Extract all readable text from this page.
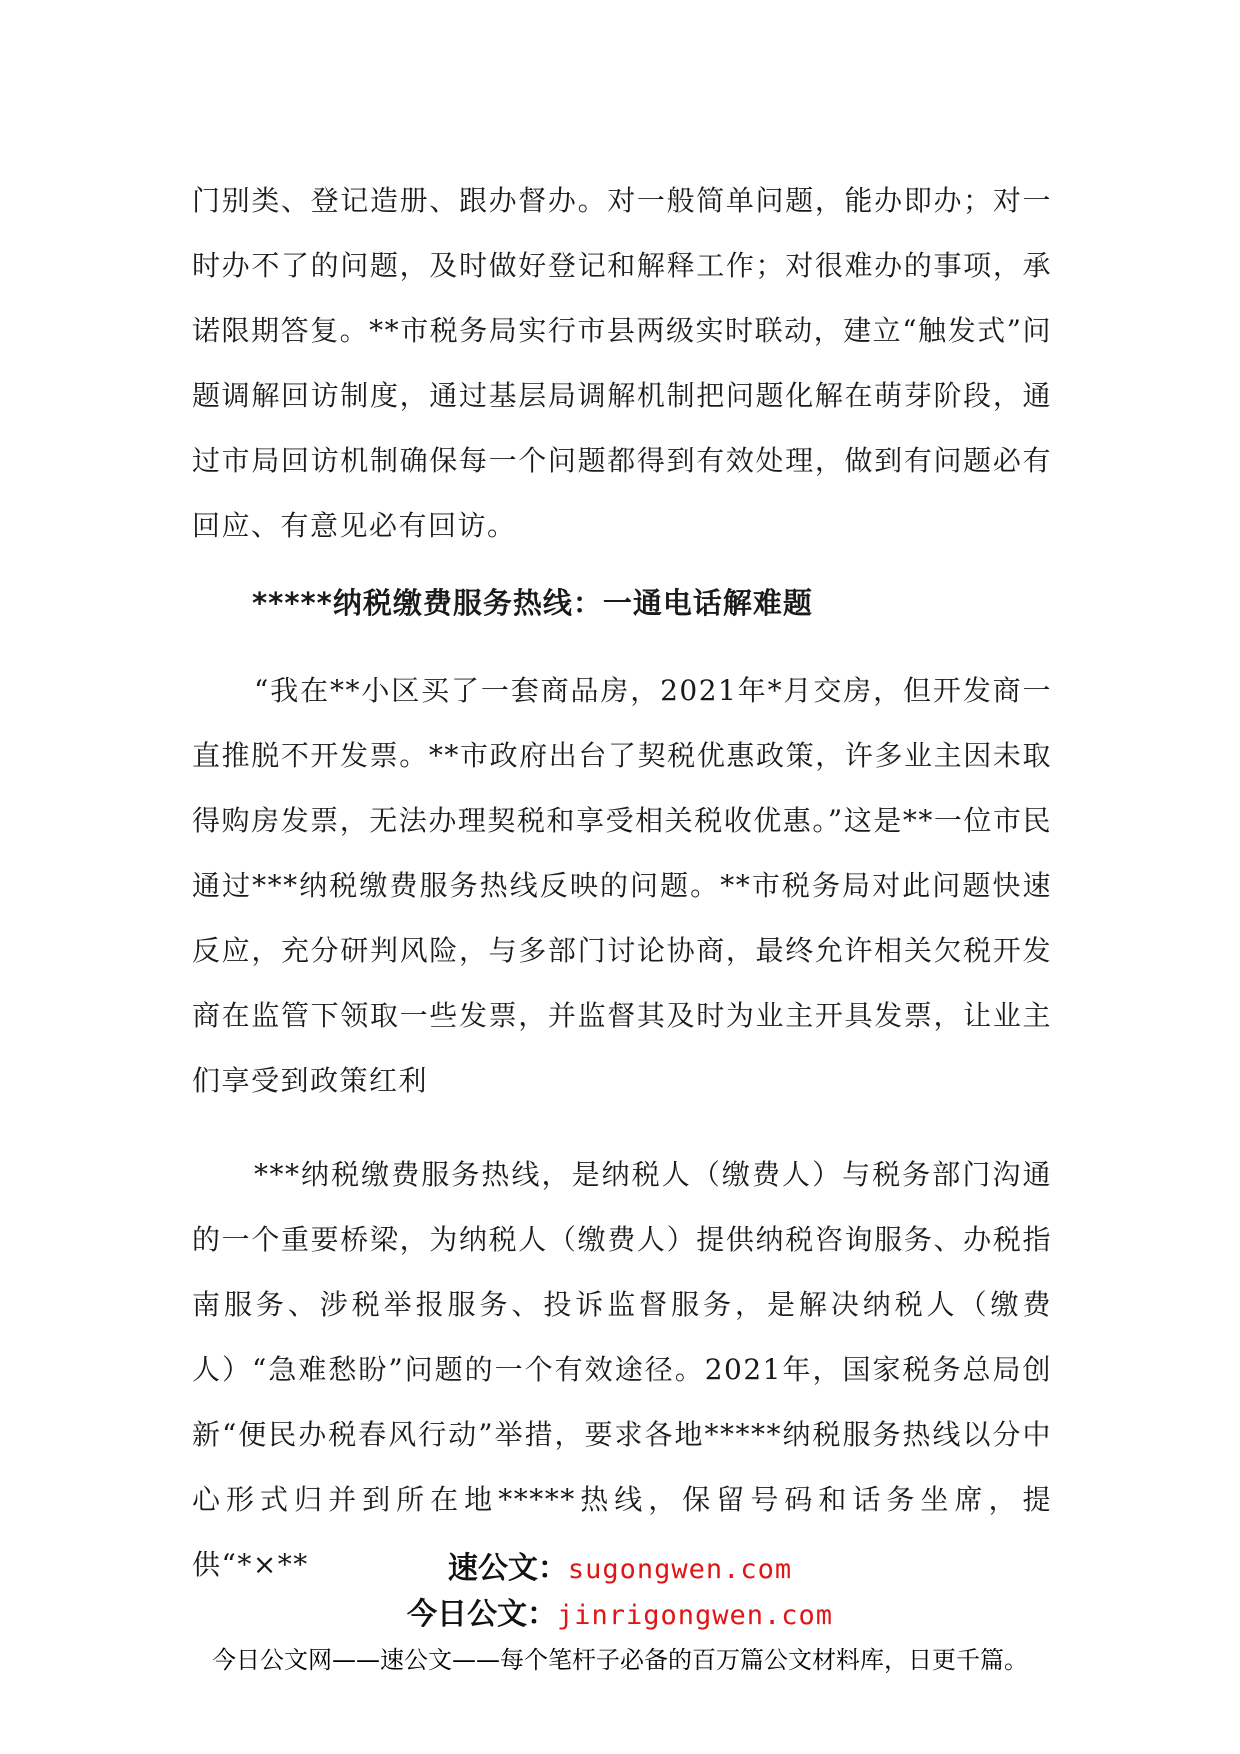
门别类、登记造册、跟办督办。对一般简单问题，能办即办；对一时办不了的问题，及时做好登记和解释工作；对很难办的事项，承诺限期答复。**市税务局实行市县两级实时联动，建立“触发式”问题调解回访制度，通过基层局调解机制把问题化解在萌芽阶段，通过市局回访机制确保每一个问题都得到有效处理，做到有问题必有回应、有意见必有回访。
*****纳税缴费服务热线：一通电话解难题
“我在**小区买了一套商品房，2021年*月交房，但开发商一直推脱不开发票。**市政府出台了契税优惠政策，许多业主因未取得购房发票，无法办理契税和享受相关税收优惠。”这是**一位市民通过***纳税缴费服务热线反映的问题。**市税务局对此问题快速反应，充分研判风险，与多部门讨论协商，最终允许相关欠税开发商在监管下领取一些发票，并监督其及时为业主开具发票，让业主们享受到政策红利
***纳税缴费服务热线，是纳税人（缴费人）与税务部门沟通的一个重要桥梁，为纳税人（缴费人）提供纳税咨询服务、办税指南服务、涉税举报服务、投诉监督服务，是解决纳税人（缴费人）“急难愁盼”问题的一个有效途径。2021年，国家税务总局创新“便民办税春风行动”举措，要求各地*****纳税服务热线以分中心形式归并到所在地*****热线，保留号码和话务坐席，提供“*×**	速公文：sugongwen.com
今日公文：jinrigongwen.com
今日公文网——速公文——每个笔杆子必备的百万篇公文材料库，日更千篇。
